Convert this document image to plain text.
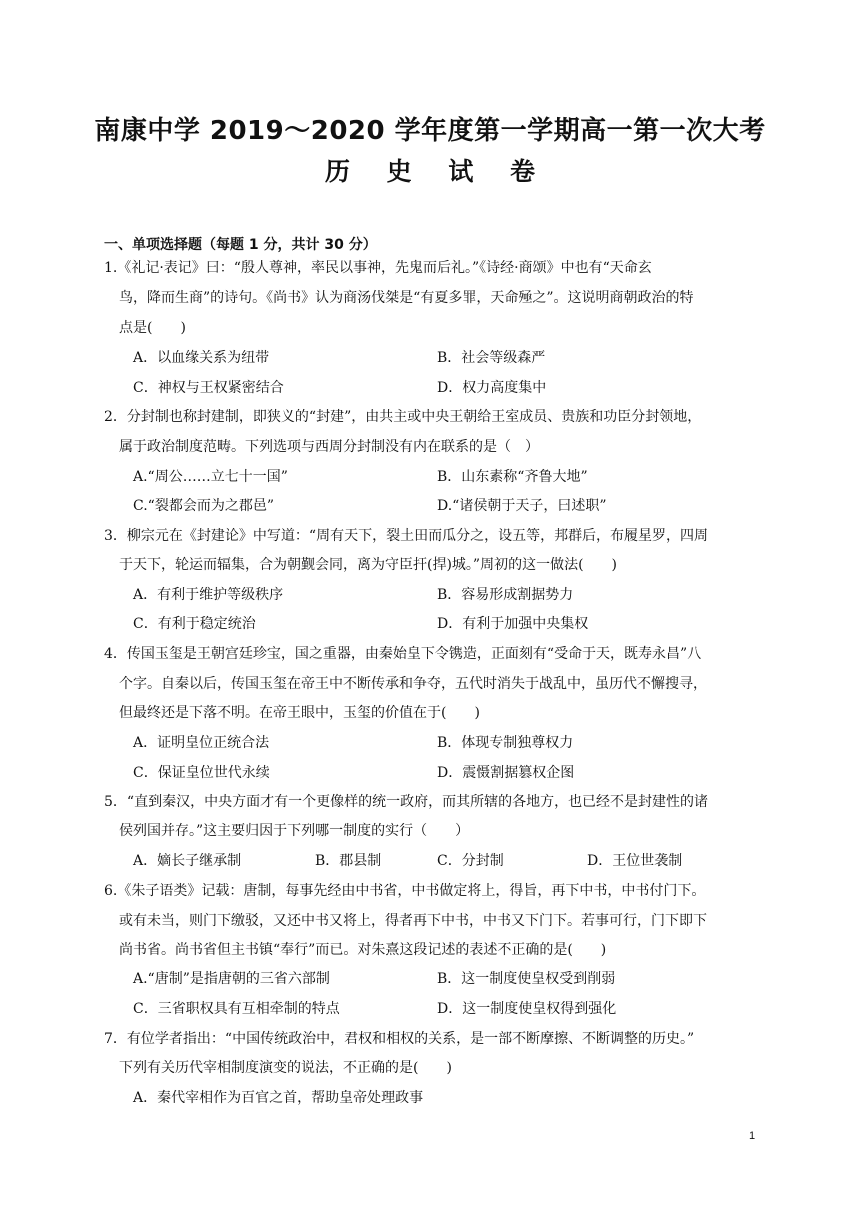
南康中学 2019～2020 学年度第一学期高一第一次大考
历 史 试 卷
一、单项选择题（每题 1 分，共计 30 分）
1.《礼记·表记》曰：“殷人尊神，率民以事神，先鬼而后礼。”《诗经·商颂》中也有“天命玄
鸟，降而生商”的诗句。《尚书》认为商汤伐桀是“有夏多罪，天命殛之”。这说明商朝政治的特
点是(　　)
A．以血缘关系为纽带	B．社会等级森严
C．神权与王权紧密结合	D．权力高度集中
2．分封制也称封建制，即狭义的“封建”，由共主或中央王朝给王室成员、贵族和功臣分封领地，
属于政治制度范畴。下列选项与西周分封制没有内在联系的是（　）
A.“周公……立七十一国”	B．山东素称“齐鲁大地”
C.“裂都会而为之郡邑”	D.“诸侯朝于天子，曰述职”
3．柳宗元在《封建论》中写道：“周有天下，裂土田而瓜分之，设五等，邦群后，布履星罗，四周
于天下，轮运而辐集，合为朝觐会同，离为守臣扞(捍)城。”周初的这一做法(　　)
A．有利于维护等级秩序	B．容易形成割据势力
C．有利于稳定统治	D．有利于加强中央集权
4．传国玉玺是王朝宫廷珍宝，国之重器，由秦始皇下令镌造，正面刻有“受命于天，既寿永昌”八
个字。自秦以后，传国玉玺在帝王中不断传承和争夺，五代时消失于战乱中，虽历代不懈搜寻，
但最终还是下落不明。在帝王眼中，玉玺的价值在于(　　)
A．证明皇位正统合法	B．体现专制独尊权力
C．保证皇位世代永续	D．震慑割据篡权企图
5．“直到秦汉，中央方面才有一个更像样的统一政府，而其所辖的各地方，也已经不是封建性的诸
侯列国并存。”这主要归因于下列哪一制度的实行（　　）
A．嫡长子继承制	B．郡县制	C．分封制	D．王位世袭制
6.《朱子语类》记载：唐制，每事先经由中书省，中书做定将上，得旨，再下中书，中书付门下。
或有未当，则门下缴驳，又还中书又将上，得者再下中书，中书又下门下。若事可行，门下即下
尚书省。尚书省但主书镇“奉行”而已。对朱熹这段记述的表述不正确的是(　　)
A.“唐制”是指唐朝的三省六部制	B．这一制度使皇权受到削弱
C．三省职权具有互相牵制的特点	D．这一制度使皇权得到强化
7．有位学者指出：“中国传统政治中，君权和相权的关系，是一部不断摩擦、不断调整的历史。”
下列有关历代宰相制度演变的说法，不正确的是(　　)
A．秦代宰相作为百官之首，帮助皇帝处理政事
1
